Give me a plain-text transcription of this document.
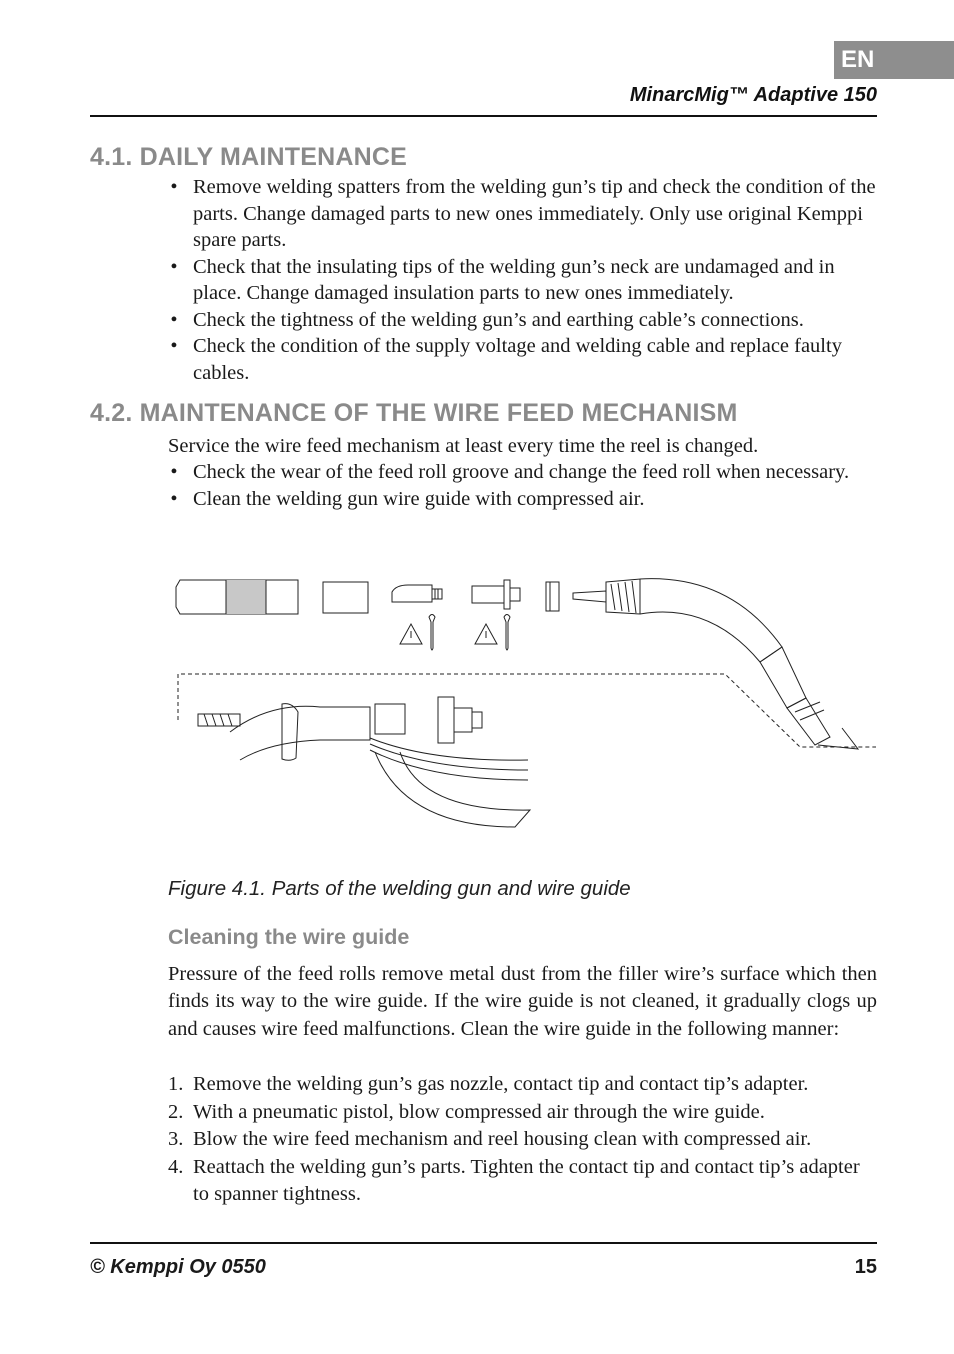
EN
MinarcMig™ Adaptive 150
4.1. DAILY MAINTENANCE
• Remove welding spatters from the welding gun’s tip and check the condition of the parts. Change damaged parts to new ones immediately. Only use original Kemppi spare parts.
• Check that the insulating tips of the welding gun’s neck are undamaged and in place. Change damaged insulation parts to new ones immediately.
• Check the tightness of the welding gun’s and earthing cable’s connections.
• Check the condition of the supply voltage and welding cable and replace faulty cables.
4.2. MAINTENANCE OF THE WIRE FEED MECHANISM

Service the wire feed mechanism at least every time the reel is changed.

• Check the wear of the feed roll groove and change the feed roll when necessary.
• Clean the welding gun wire guide with compressed air.
Figure 4.1. Parts of the welding gun and wire guide
Cleaning the wire guide

Pressure of the feed rolls remove metal dust from the filler wire’s surface which then finds its way to the wire guide. If the wire guide is not cleaned, it gradually clogs up and causes wire feed malfunctions. Clean the wire guide in the following manner:

1. Remove the welding gun’s gas nozzle, contact tip and contact tip’s adapter.
2. With a pneumatic pistol, blow compressed air through the wire guide.
3. Blow the wire feed mechanism and reel housing clean with compressed air.
4. Reattach the welding gun’s parts. Tighten the contact tip and contact tip’s adapter to spanner tightness.
© Kemppi Oy 0550	15
